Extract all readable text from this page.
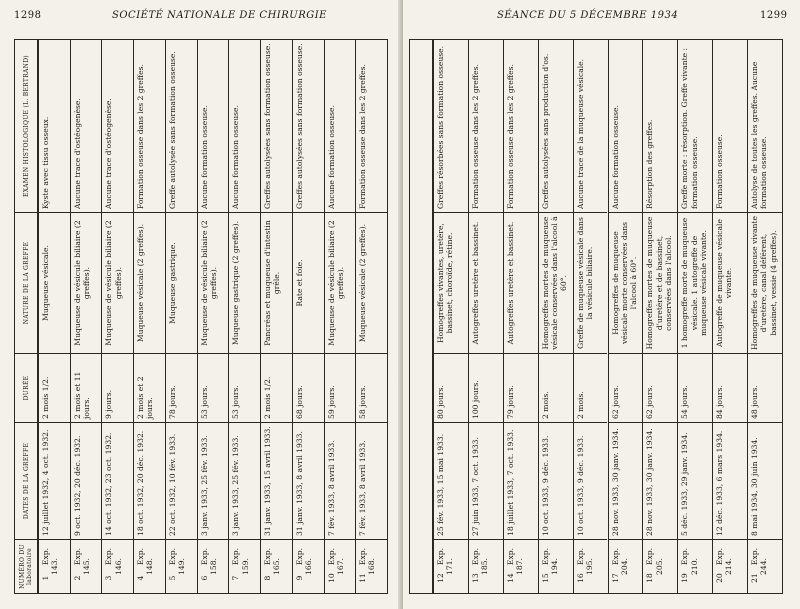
1298	SOCIÉTÉ NATIONALE DE CHIRURGIE
NUMÉRO DU laboratoire
DATES DE LA GREFFE
DURÉE
NATURE DE LA GREFFE
EXAMEN HISTOLOGIQUE (L. BERTRAND)
1Exp. 143.
12 juillet 1932, 4 oct. 1932.
2 mois 1/2.
Muqueuse vésicale.
Kyste avec tissu osseux.
2Exp. 145.
9 oct. 1932, 20 déc. 1932.
2 mois et 11 jours.
Muqueuse de vésicule biliaire (2 greffes).
Aucune trace d'ostéogenèse.
3Exp. 146.
14 oct. 1932, 23 oct. 1932.
9 jours.
Muqueuse de vésicule biliaire (2 greffes).
Aucune trace d'ostéogenèse.
4Exp. 148.
18 oct. 1932, 20 déc. 1932.
2 mois et 2 jours.
Muqueuse vésicale (2 greffes).
Formation osseuse dans les 2 greffes.
5Exp. 149.
22 oct. 1932, 10 fév. 1933.
78 jours.
Muqueuse gastrique.
Greffe autolysée sans formation osseuse.
6Exp. 158.
3 janv. 1933, 25 fév. 1933.
53 jours.
Muqueuse de vésicule biliaire (2 greffes).
Aucune formation osseuse.
7Exp. 159.
3 janv. 1933, 25 fév. 1933.
53 jours.
Muqueuse gastrique (2 greffes).
Aucune formation osseuse.
8Exp. 165.
31 janv. 1933, 15 avril 1933.
2 mois 1/2.
Pancréas et muqueuse d'intestin grêle.
Greffes autolysées sans formation osseuse.
9Exp. 166.
31 janv. 1933, 8 avril 1933.
68 jours.
Rate et foie.
Greffes autolysées sans formation osseuse.
10Exp. 167.
7 fév. 1933, 8 avril 1933.
59 jours.
Muqueuse de vésicule biliaire (2 greffes).
Aucune formation osseuse.
11Exp. 168.
7 fév. 1933, 8 avril 1933.
58 jours.
Muqueuse vésicale (2 greffes).
Formation osseuse dans les 2 greffes.
SÉANCE DU 5 DÉCEMBRE 1934	1299
12Exp. 171.
25 fév. 1933, 15 mai 1933.
80 jours.
Homogreffes vivantes, uretère, bassinet, choroïde, rétine.
Greffes résorbées sans formation osseuse.
13Exp. 185.
27 juin 1933, 7 oct. 1933.
100 jours.
Autogreffes uretère et bassinet.
Formation osseuse dans les 2 greffes.
14Exp. 187.
18 juillet 1933, 7 oct. 1933.
79 jours.
Autogreffes uretère et bassinet.
Formation osseuse dans les 2 greffes.
15Exp. 194.
10 oct. 1933, 9 déc. 1933.
2 mois.
Homogreffes mortes de muqueuse vésicale conservées dans l'alcool à 60°.
Greffes autolysées sans production d'os.
16Exp. 195.
10 oct. 1933, 9 déc. 1933.
2 mois.
Greffe de muqueuse vésicale dans la vésicule biliaire.
Aucune trace de la muqueuse vésicale.
17Exp. 204.
28 nov. 1933, 30 janv. 1934.
62 jours.
Homogreffes de muqueuse vésicale morte conservées dans l'alcool à 60°.
Aucune formation osseuse.
18Exp. 205.
28 nov. 1933, 30 janv. 1934.
62 jours.
Homogreffes mortes de muqueuse d'uretère et de bassinet, conservées dans l'alcool.
Résorption des greffes.
19Exp. 210.
5 déc. 1933, 29 janv. 1934.
54 jours.
1 homogreffe morte de muqueuse vésicale. 1 autogreffe de muqueuse vésicale vivante.
Greffe morte : résorption. Greffe vivante : formation osseuse.
20Exp. 214.
12 déc. 1933, 6 mars 1934.
84 jours.
Autogreffe de muqueuse vésicale vivante.
Formation osseuse.
21Exp. 244.
8 mai 1934, 30 juin 1934.
48 jours.
Homogreffes de muqueuse vivante d'uretère, canal déférent, bassinet, vessie (4 greffes).
Autolyse de toutes les greffes. Aucune formation osseuse.
